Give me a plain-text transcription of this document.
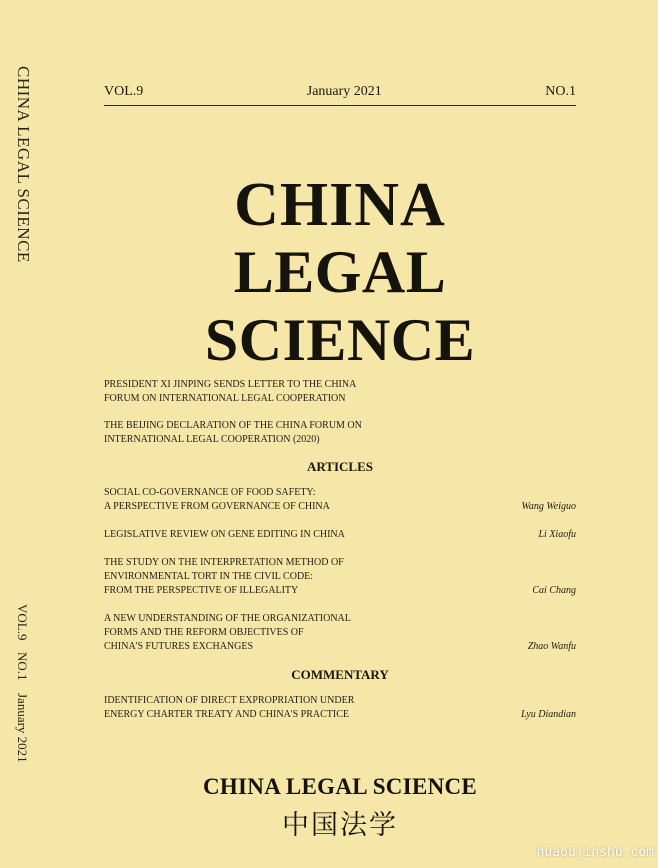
CHINA LEGAL SCIENCE
VOL.9
NO.1
January 2021
VOL.9	January 2021	NO.1
CHINA
LEGAL SCIENCE
PRESIDENT XI JINPING SENDS LETTER TO THE CHINA
FORUM ON INTERNATIONAL LEGAL COOPERATION
THE BEIJING DECLARATION OF THE CHINA FORUM ON
INTERNATIONAL LEGAL COOPERATION (2020)
ARTICLES
SOCIAL CO-GOVERNANCE OF FOOD SAFETY:
A PERSPECTIVE FROM GOVERNANCE OF CHINA	Wang Weiguo
LEGISLATIVE REVIEW ON GENE EDITING IN CHINA	Li Xiaofu
THE STUDY ON THE INTERPRETATION METHOD OF
ENVIRONMENTAL TORT IN THE CIVIL CODE:
FROM THE PERSPECTIVE OF ILLEGALITY	Cai Chang
A NEW UNDERSTANDING OF THE ORGANIZATIONAL
FORMS AND THE REFORM OBJECTIVES OF
CHINA'S FUTURES EXCHANGES	Zhao Wanfu
COMMENTARY
IDENTIFICATION OF DIRECT EXPROPRIATION UNDER
ENERGY CHARTER TREATY AND CHINA'S PRACTICE	Lyu Diandian
CHINA LEGAL SCIENCE
中国法学
huaoujinshu.com
